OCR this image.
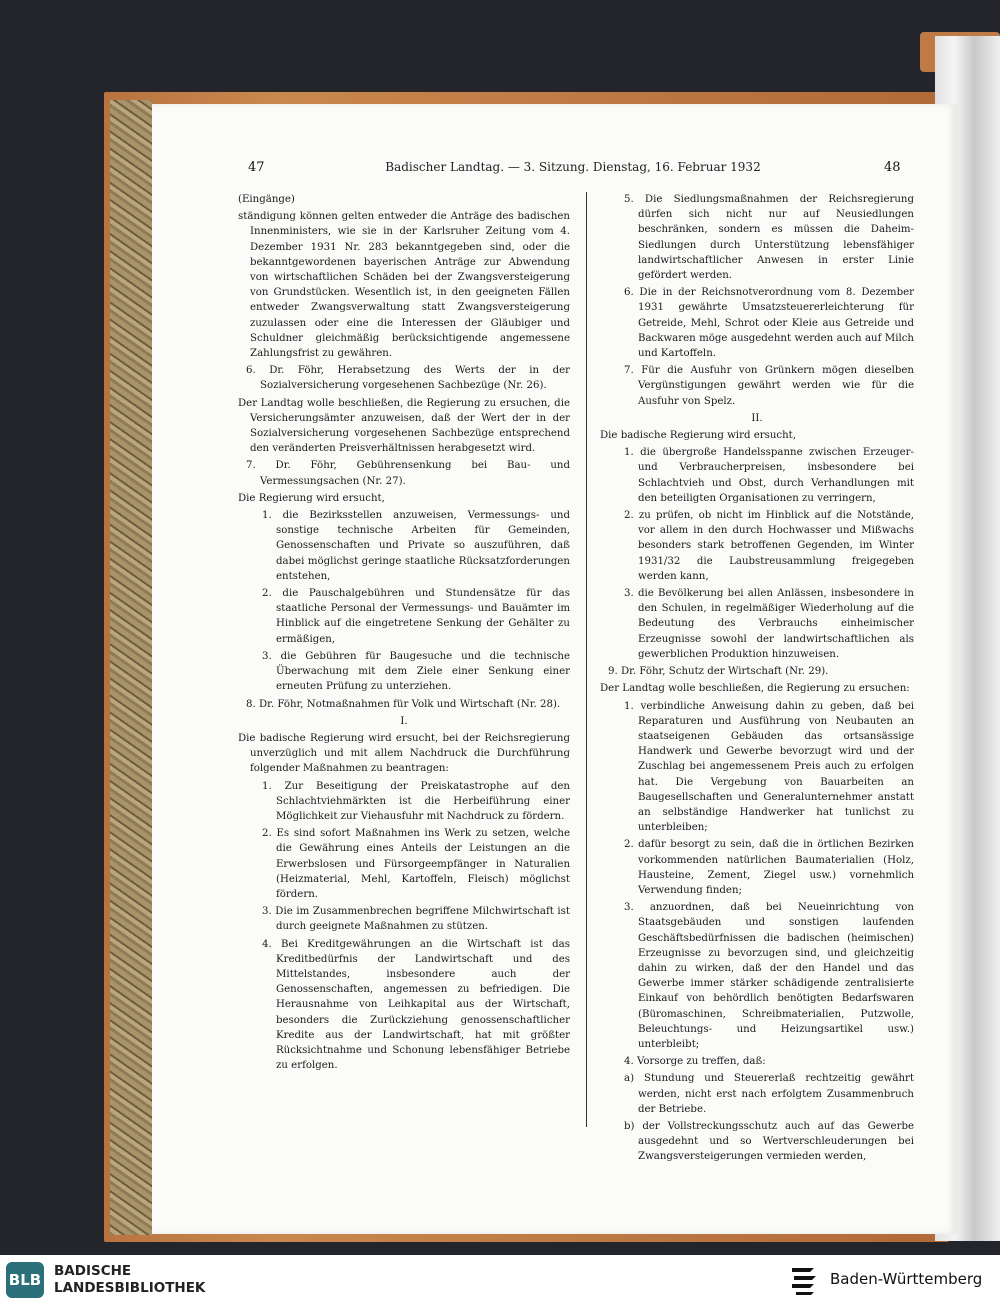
47	Badischer Landtag. — 3. Sitzung. Dienstag, 16. Februar 1932	48

(Eingänge)

ständigung können gelten entweder die Anträge des badischen Innenministers, wie sie in der Karlsruher Zeitung vom 4. Dezember 1931 Nr. 283 bekanntgegeben sind, oder die bekanntgewordenen bayerischen Anträge zur Abwendung von wirtschaftlichen Schäden bei der Zwangsversteigerung von Grundstücken. Wesentlich ist, in den geeigneten Fällen entweder Zwangsverwaltung statt Zwangsversteigerung zuzulassen oder eine die Interessen der Gläubiger und Schuldner gleichmäßig berücksichtigende angemessene Zahlungsfrist zu gewähren.

6. Dr. Föhr, Herabsetzung des Werts der in der Sozialversicherung vorgesehenen Sachbezüge (Nr. 26).

Der Landtag wolle beschließen, die Regierung zu ersuchen, die Versicherungsämter anzuweisen, daß der Wert der in der Sozialversicherung vorgesehenen Sachbezüge entsprechend den veränderten Preisverhältnissen herabgesetzt wird.

7. Dr. Föhr, Gebührensenkung bei Bau- und Vermessungsachen (Nr. 27).

Die Regierung wird ersucht,

1. die Bezirksstellen anzuweisen, Vermessungs- und sonstige technische Arbeiten für Gemeinden, Genossenschaften und Private so auszuführen, daß dabei möglichst geringe staatliche Rücksatzforderungen entstehen,

2. die Pauschalgebühren und Stundensätze für das staatliche Personal der Vermessungs- und Bauämter im Hinblick auf die eingetretene Senkung der Gehälter zu ermäßigen,

3. die Gebühren für Baugesuche und die technische Überwachung mit dem Ziele einer Senkung einer erneuten Prüfung zu unterziehen.

8. Dr. Föhr, Notmaßnahmen für Volk und Wirtschaft (Nr. 28).

I.

Die badische Regierung wird ersucht, bei der Reichsregierung unverzüglich und mit allem Nachdruck die Durchführung folgender Maßnahmen zu beantragen:

1. Zur Beseitigung der Preiskatastrophe auf den Schlachtviehmärkten ist die Herbeiführung einer Möglichkeit zur Viehausfuhr mit Nachdruck zu fördern.

2. Es sind sofort Maßnahmen ins Werk zu setzen, welche die Gewährung eines Anteils der Leistungen an die Erwerbslosen und Fürsorgeempfänger in Naturalien (Heizmaterial, Mehl, Kartoffeln, Fleisch) möglichst fördern.

3. Die im Zusammenbrechen begriffene Milchwirtschaft ist durch geeignete Maßnahmen zu stützen.

4. Bei Kreditgewährungen an die Wirtschaft ist das Kreditbedürfnis der Landwirtschaft und des Mittelstandes, insbesondere auch der Genossenschaften, angemessen zu befriedigen. Die Herausnahme von Leihkapital aus der Wirtschaft, besonders die Zurückziehung genossenschaftlicher Kredite aus der Landwirtschaft, hat mit größter Rücksichtnahme und Schonung lebensfähiger Betriebe zu erfolgen.

5. Die Siedlungsmaßnahmen der Reichsregierung dürfen sich nicht nur auf Neusiedlungen beschränken, sondern es müssen die Daheim-Siedlungen durch Unterstützung lebensfähiger landwirtschaftlicher Anwesen in erster Linie gefördert werden.

6. Die in der Reichsnotverordnung vom 8. Dezember 1931 gewährte Umsatzsteuererleichterung für Getreide, Mehl, Schrot oder Kleie aus Getreide und Backwaren möge ausgedehnt werden auch auf Milch und Kartoffeln.

7. Für die Ausfuhr von Grünkern mögen dieselben Vergünstigungen gewährt werden wie für die Ausfuhr von Spelz.

II.

Die badische Regierung wird ersucht,

1. die übergroße Handelsspanne zwischen Erzeuger- und Verbraucherpreisen, insbesondere bei Schlachtvieh und Obst, durch Verhandlungen mit den beteiligten Organisationen zu verringern,

2. zu prüfen, ob nicht im Hinblick auf die Notstände, vor allem in den durch Hochwasser und Mißwachs besonders stark betroffenen Gegenden, im Winter 1931/32 die Laubstreusammlung freigegeben werden kann,

3. die Bevölkerung bei allen Anlässen, insbesondere in den Schulen, in regelmäßiger Wiederholung auf die Bedeutung des Verbrauchs einheimischer Erzeugnisse sowohl der landwirtschaftlichen als gewerblichen Produktion hinzuweisen.

9. Dr. Föhr, Schutz der Wirtschaft (Nr. 29).

Der Landtag wolle beschließen, die Regierung zu ersuchen:

1. verbindliche Anweisung dahin zu geben, daß bei Reparaturen und Ausführung von Neubauten an staatseigenen Gebäuden das ortsansässige Handwerk und Gewerbe bevorzugt wird und der Zuschlag bei angemessenem Preis auch zu erfolgen hat. Die Vergebung von Bauarbeiten an Baugesellschaften und Generalunternehmer anstatt an selbständige Handwerker hat tunlichst zu unterbleiben;

2. dafür besorgt zu sein, daß die in örtlichen Bezirken vorkommenden natürlichen Baumaterialien (Holz, Hausteine, Zement, Ziegel usw.) vornehmlich Verwendung finden;

3. anzuordnen, daß bei Neueinrichtung von Staatsgebäuden und sonstigen laufenden Geschäftsbedürfnissen die badischen (heimischen) Erzeugnisse zu bevorzugen sind, und gleichzeitig dahin zu wirken, daß der den Handel und das Gewerbe immer stärker schädigende zentralisierte Einkauf von behördlich benötigten Bedarfswaren (Büromaschinen, Schreibmaterialien, Putzwolle, Beleuchtungs- und Heizungsartikel usw.) unterbleibt;

4. Vorsorge zu treffen, daß:

a) Stundung und Steuererlaß rechtzeitig gewährt werden, nicht erst nach erfolgtem Zusammenbruch der Betriebe.

b) der Vollstreckungsschutz auch auf das Gewerbe ausgedehnt und so Wertverschleuderungen bei Zwangsversteigerungen vermieden werden,

BLB BADISCHE
LANDESBIBLIOTHEK	Baden-Württemberg
